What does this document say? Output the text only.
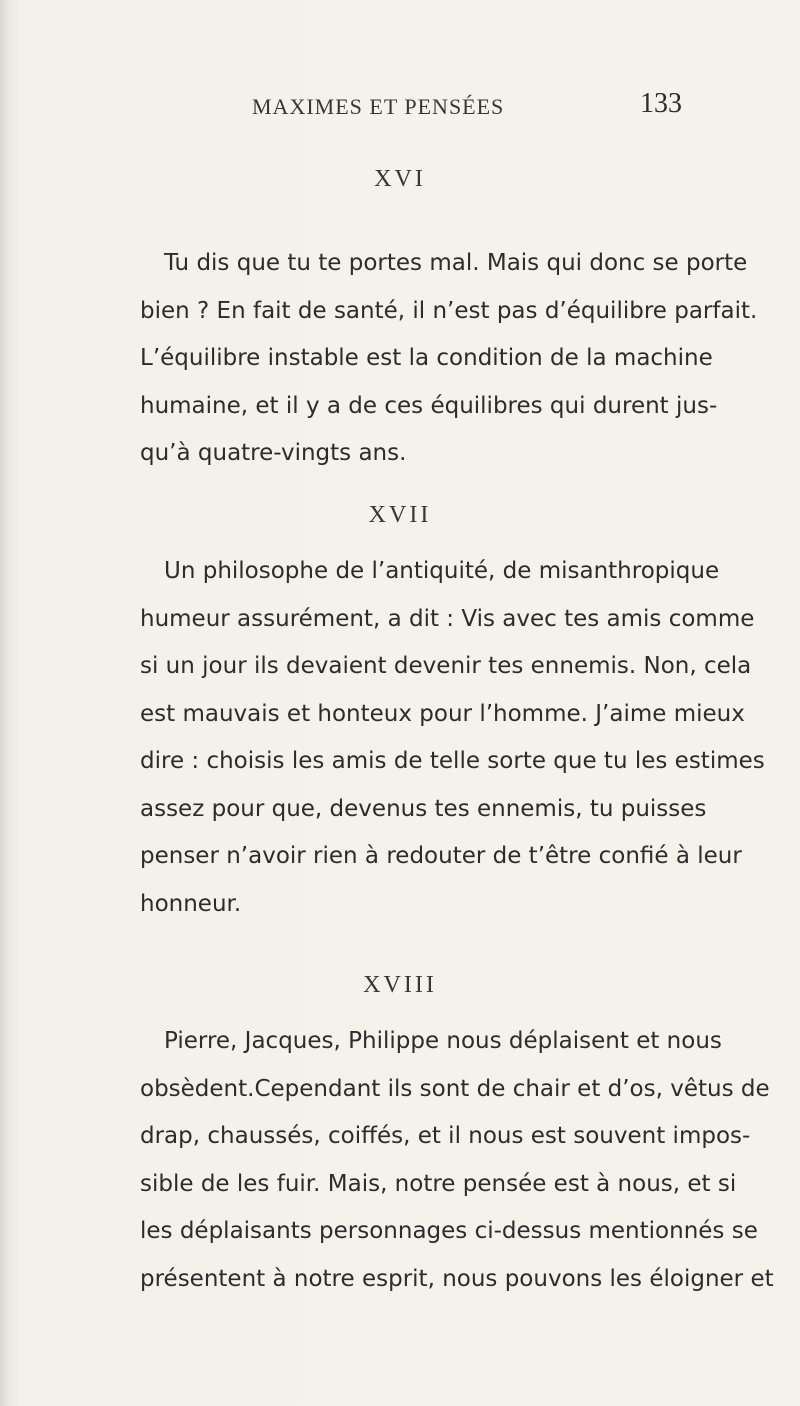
MAXIMES ET PENSÉES	133
XVI
Tu dis que tu te portes mal. Mais qui donc se porte
bien ? En fait de santé, il n’est pas d’équilibre parfait.
L’équilibre instable est la condition de la machine
humaine, et il y a de ces équilibres qui durent jus-
qu’à quatre-vingts ans.
XVII
Un philosophe de l’antiquité, de misanthropique
humeur assurément, a dit : Vis avec tes amis comme
si un jour ils devaient devenir tes ennemis. Non, cela
est mauvais et honteux pour l’homme. J’aime mieux
dire : choisis les amis de telle sorte que tu les estimes
assez pour que, devenus tes ennemis, tu puisses
penser n’avoir rien à redouter de t’être confié à leur
honneur.
XVIII
Pierre, Jacques, Philippe nous déplaisent et nous
obsèdent.Cependant ils sont de chair et d’os, vêtus de
drap, chaussés, coiffés, et il nous est souvent impos-
sible de les fuir. Mais, notre pensée est à nous, et si
les déplaisants personnages ci-dessus mentionnés se
présentent à notre esprit, nous pouvons les éloigner et
